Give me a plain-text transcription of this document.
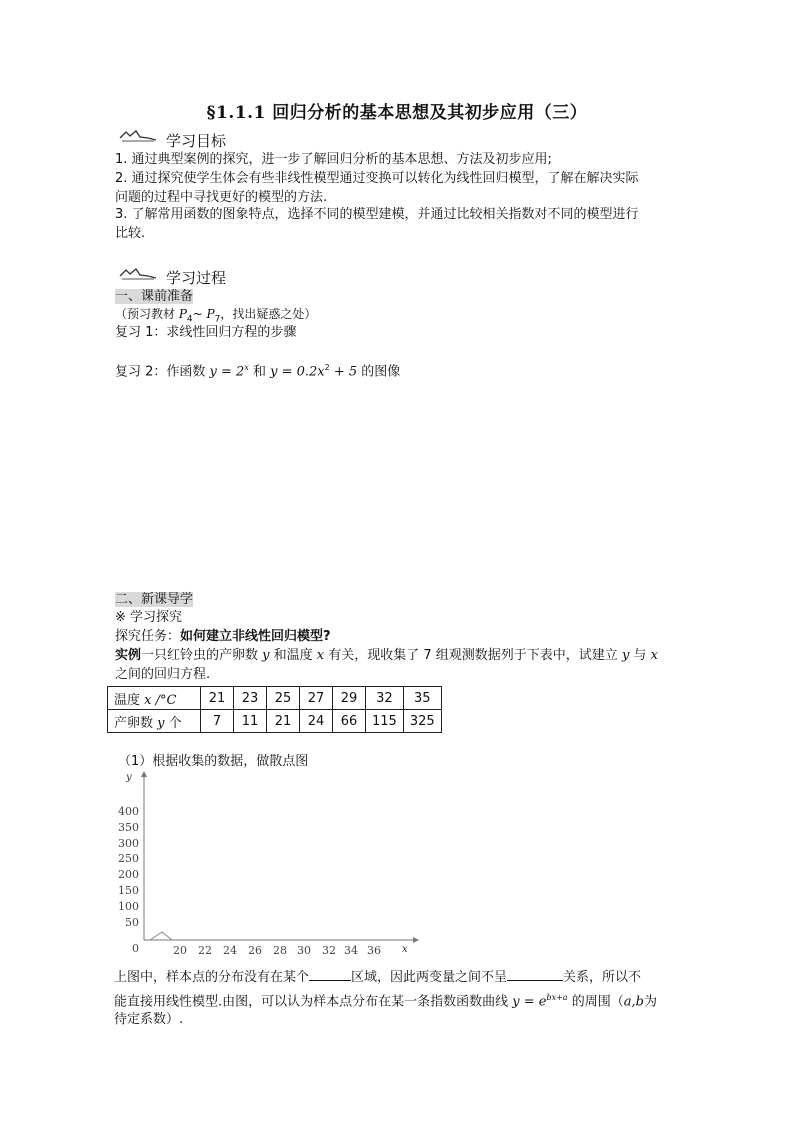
§1.1.1 回归分析的基本思想及其初步应用（三）
学习目标
1. 通过典型案例的探究，进一步了解回归分析的基本思想、方法及初步应用;
2. 通过探究使学生体会有些非线性模型通过变换可以转化为线性回归模型，了解在解决实际
问题的过程中寻找更好的模型的方法.
3. 了解常用函数的图象特点，选择不同的模型建模，并通过比较相关指数对不同的模型进行
比较.
学习过程
一、课前准备
（预习教材 $P_4\sim$ $P_7$，找出疑惑之处）
复习 1：求线性回归方程的步骤
复习 2：作函数 $y = 2^x$ 和 $y = 0.2x^2 + 5$ 的图像
二、新课导学
※ 学习探究
探究任务：如何建立非线性回归模型?
实例一只红铃虫的产卵数 y 和温度 x 有关，现收集了 7 组观测数据列于下表中，试建立 y 与 x
之间的回归方程.
温度 x /°C	21	23	25	27	29	32	35
产卵数 y 个	7	11	21	24	66	115	325
（1）根据收集的数据，做散点图
y
x
400
350
300
250
200
150
100
50
0	20 22 24 26 28 30 32 34 36
上图中，样本点的分布没有在某个	区域，因此两变量之间不呈	关系，所以不
能直接用线性模型.由图，可以认为样本点分布在某一条指数函数曲线 $y = e^{bx+a}$ 的周围（a,b为
待定系数）.
